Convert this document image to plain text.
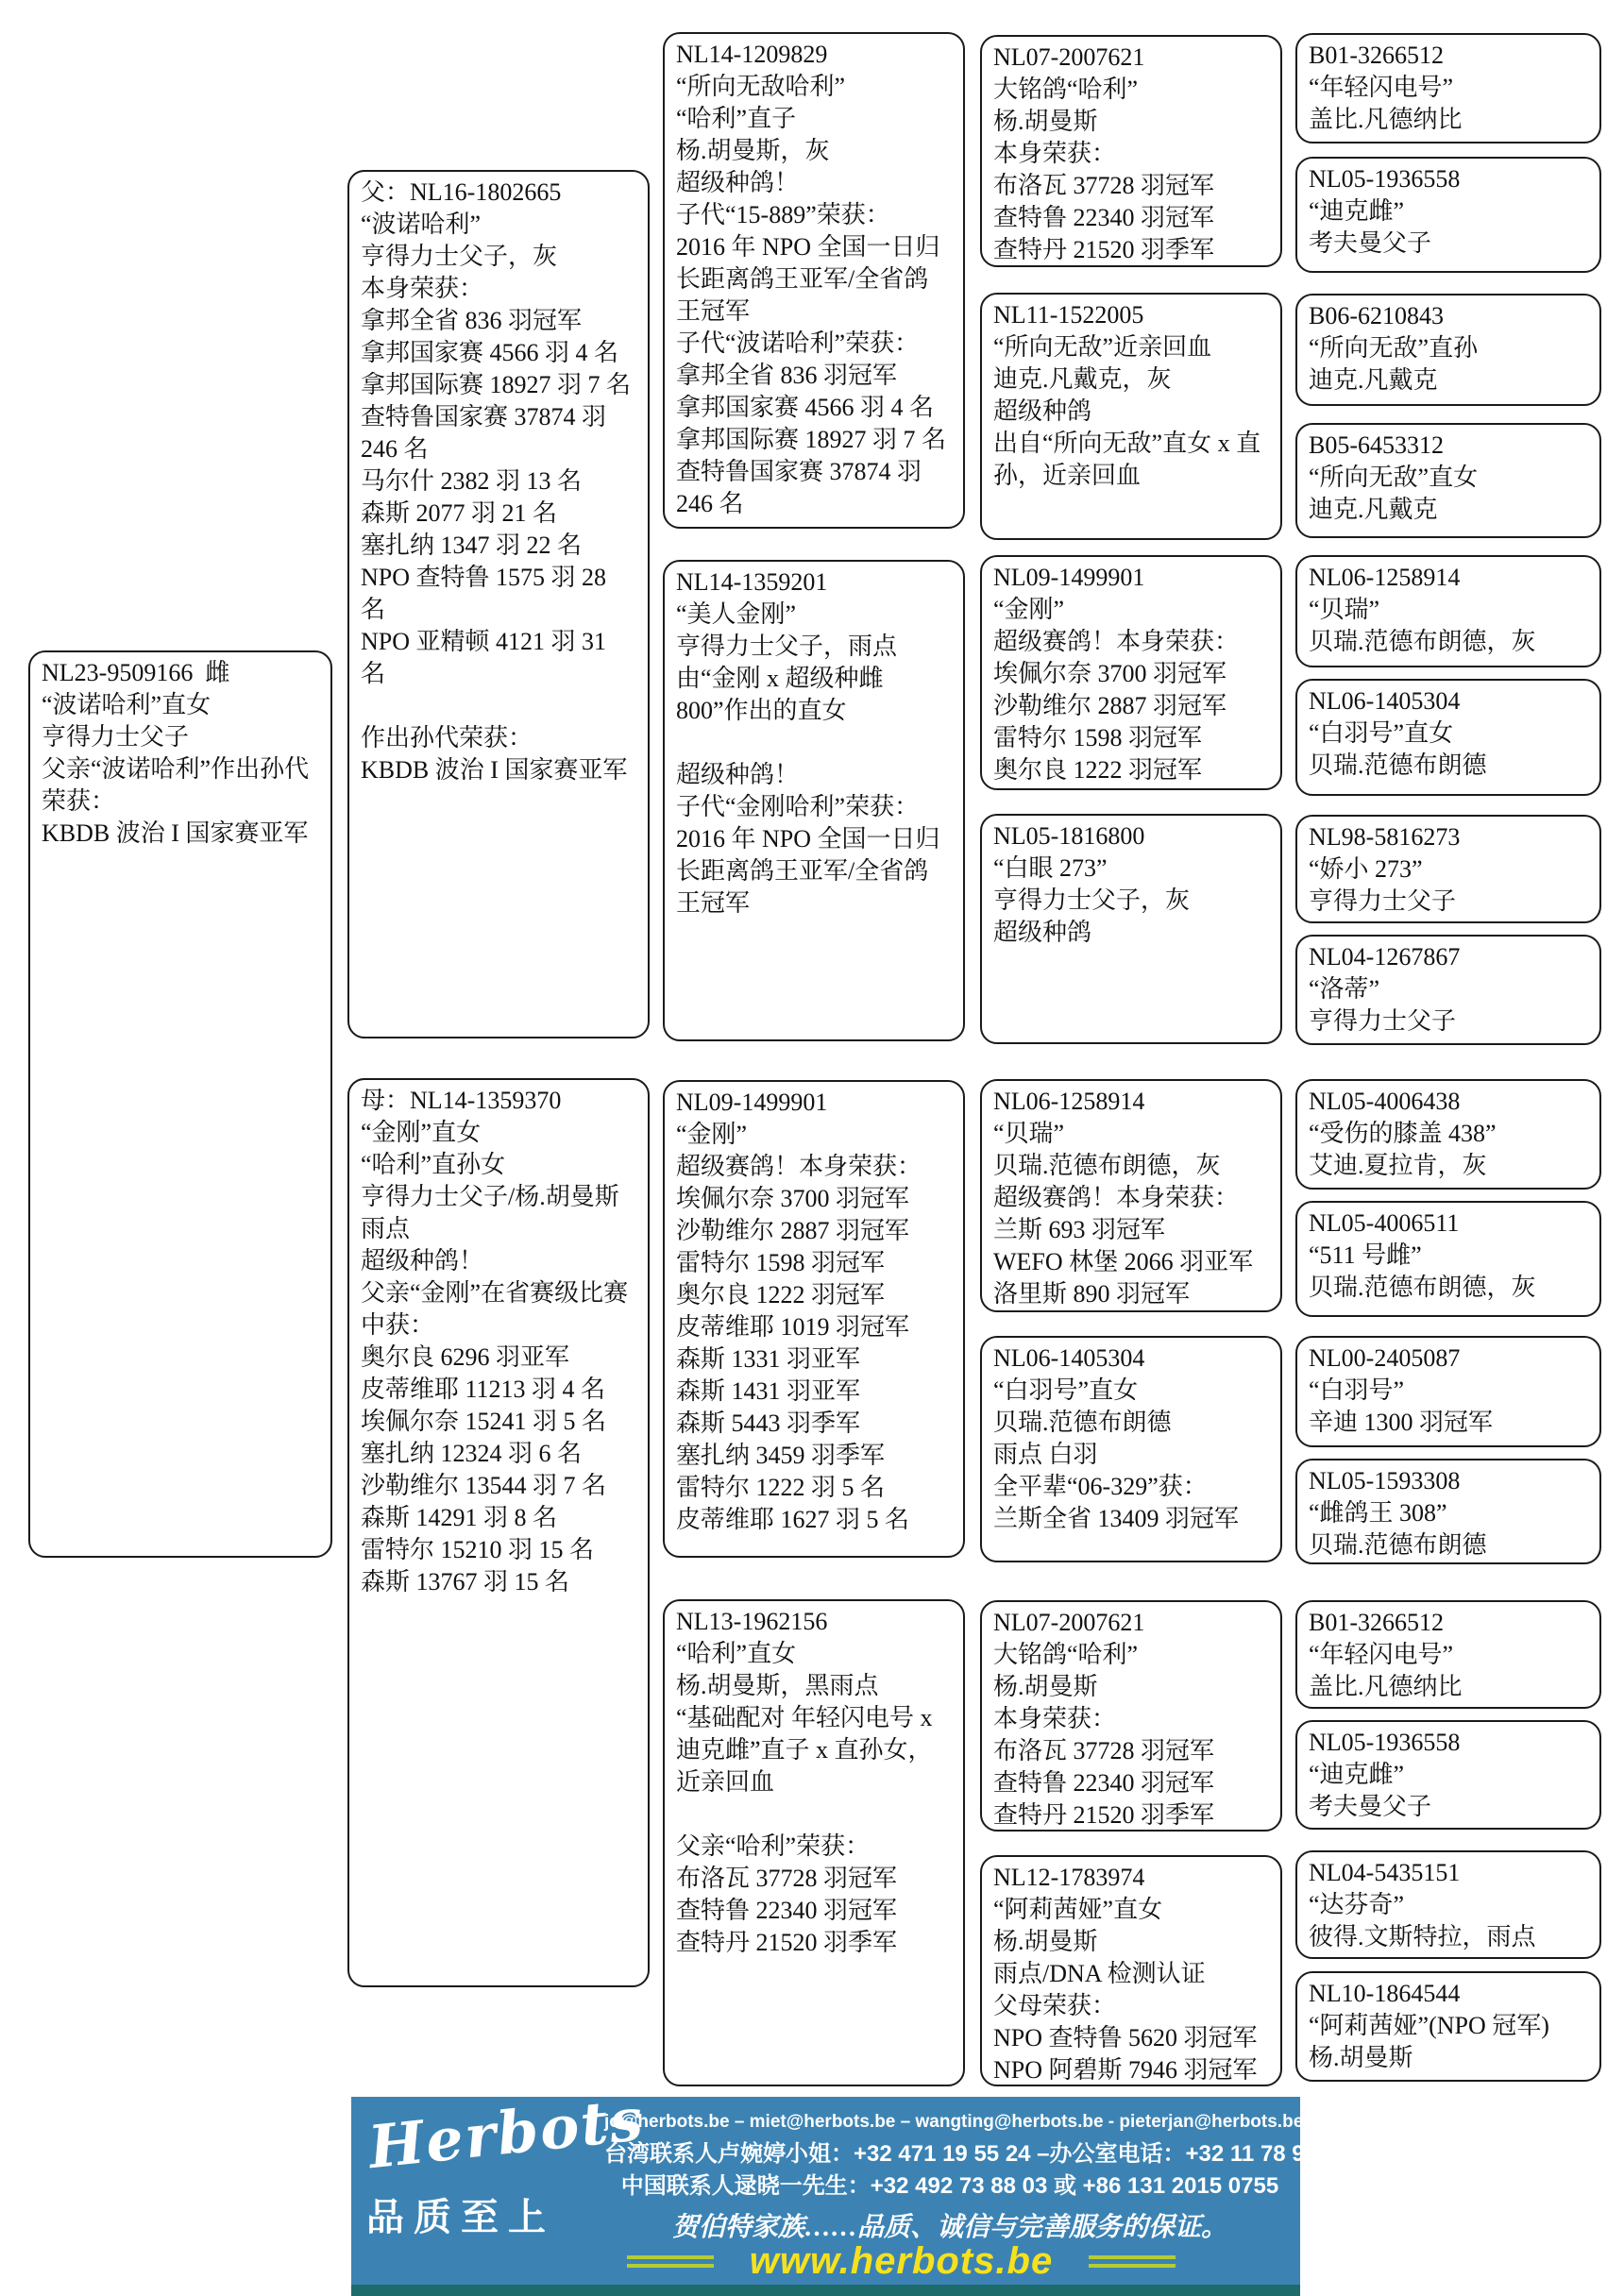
NL23-9509166  雌
“波诺哈利”直女
亨得力士父子
父亲“波诺哈利”作出孙代荣获：
KBDB 波治 I 国家赛亚军
父：NL16-1802665
“波诺哈利”
亨得力士父子，灰
本身荣获：
拿邦全省 836 羽冠军
拿邦国家赛 4566 羽 4 名
拿邦国际赛 18927 羽 7 名
查特鲁国家赛 37874 羽 246 名
马尔什 2382 羽 13 名
森斯 2077 羽 21 名
塞扎纳 1347 羽 22 名
NPO 查特鲁 1575 羽 28 名
NPO 亚精顿 4121 羽 31 名
作出孙代荣获：
KBDB 波治 I 国家赛亚军
母：NL14-1359370
“金刚”直女
“哈利”直孙女
亨得力士父子/杨.胡曼斯
雨点
超级种鸽！
父亲“金刚”在省赛级比赛中获：
奥尔良 6296 羽亚军
皮蒂维耶 11213 羽 4 名
埃佩尔奈 15241 羽 5 名
塞扎纳 12324 羽 6 名
沙勒维尔 13544 羽 7 名
森斯 14291 羽 8 名
雷特尔 15210 羽 15 名
森斯 13767 羽 15 名
NL14-1209829
“所向无敌哈利”
“哈利”直子
杨.胡曼斯，灰
超级种鸽！
子代“15-889”荣获：
2016 年 NPO 全国一日归长距离鸽王亚军/全省鸽王冠军
子代“波诺哈利”荣获：
拿邦全省 836 羽冠军
拿邦国家赛 4566 羽 4 名
拿邦国际赛 18927 羽 7 名
查特鲁国家赛 37874 羽 246 名
NL14-1359201
“美人金刚”
亨得力士父子，雨点
由“金刚 x 超级种雌 800”作出的直女
超级种鸽！
子代“金刚哈利”荣获：
2016 年 NPO 全国一日归长距离鸽王亚军/全省鸽王冠军
NL09-1499901
“金刚”
超级赛鸽！本身荣获：
埃佩尔奈 3700 羽冠军
沙勒维尔 2887 羽冠军
雷特尔 1598 羽冠军
奥尔良 1222 羽冠军
皮蒂维耶 1019 羽冠军
森斯 1331 羽亚军
森斯 1431 羽亚军
森斯 5443 羽季军
塞扎纳 3459 羽季军
雷特尔 1222 羽 5 名
皮蒂维耶 1627 羽 5 名
NL13-1962156
“哈利”直女
杨.胡曼斯，黑雨点
“基础配对 年轻闪电号 x 迪克雌”直子 x 直孙女，近亲回血
父亲“哈利”荣获：
布洛瓦 37728 羽冠军
查特鲁 22340 羽冠军
查特丹 21520 羽季军
NL07-2007621
大铭鸽“哈利”
杨.胡曼斯
本身荣获：
布洛瓦 37728 羽冠军
查特鲁 22340 羽冠军
查特丹 21520 羽季军
NL11-1522005
“所向无敌”近亲回血
迪克.凡戴克，灰
超级种鸽
出自“所向无敌”直女 x 直孙，近亲回血
NL09-1499901
“金刚”
超级赛鸽！本身荣获：
埃佩尔奈 3700 羽冠军
沙勒维尔 2887 羽冠军
雷特尔 1598 羽冠军
奥尔良 1222 羽冠军
NL05-1816800
“白眼 273”
亨得力士父子，灰
超级种鸽
NL06-1258914
“贝瑞”
贝瑞.范德布朗德，灰
超级赛鸽！本身荣获：
兰斯 693 羽冠军
WEFO 林堡 2066 羽亚军
洛里斯 890 羽冠军
NL06-1405304
“白羽号”直女
贝瑞.范德布朗德
雨点 白羽
全平辈“06-329”获：
兰斯全省 13409 羽冠军
NL07-2007621
大铭鸽“哈利”
杨.胡曼斯
本身荣获：
布洛瓦 37728 羽冠军
查特鲁 22340 羽冠军
查特丹 21520 羽季军
NL12-1783974
“阿莉茜娅”直女
杨.胡曼斯
雨点/DNA 检测认证
父母荣获：
NPO 查特鲁 5620 羽冠军
NPO 阿碧斯 7946 羽冠军
B01-3266512
“年轻闪电号”
盖比.凡德纳比
NL05-1936558
“迪克雌”
考夫曼父子
B06-6210843
“所向无敌”直孙
迪克.凡戴克
B05-6453312
“所向无敌”直女
迪克.凡戴克
NL06-1258914
“贝瑞”
贝瑞.范德布朗德，灰
NL06-1405304
“白羽号”直女
贝瑞.范德布朗德
NL98-5816273
“娇小 273”
亨得力士父子
NL04-1267867
“洛蒂”
亨得力士父子
NL05-4006438
“受伤的膝盖 438”
艾迪.夏拉肯，灰
NL05-4006511
“511 号雌”
贝瑞.范德布朗德，灰
NL00-2405087
“白羽号”
辛迪 1300 羽冠军
NL05-1593308
“雌鸽王 308”
贝瑞.范德布朗德
B01-3266512
“年轻闪电号”
盖比.凡德纳比
NL05-1936558
“迪克雌”
考夫曼父子
NL04-5435151
“达芬奇”
彼得.文斯特拉，雨点
NL10-1864544
“阿莉茜娅”(NPO 冠军)
杨.胡曼斯
Herbots
品质至上
jo@herbots.be – miet@herbots.be – wangting@herbots.be - pieterjan@herbots.be
台湾联系人卢婉婷小姐：+32 471 19 55 24 –办公室电话：+32 11 78 91 90
中国联系人逯晓一先生：+32 492 73 88 03 或 +86 131 2015 0755
贺伯特家族……品质、诚信与完善服务的保证。
www.herbots.be
